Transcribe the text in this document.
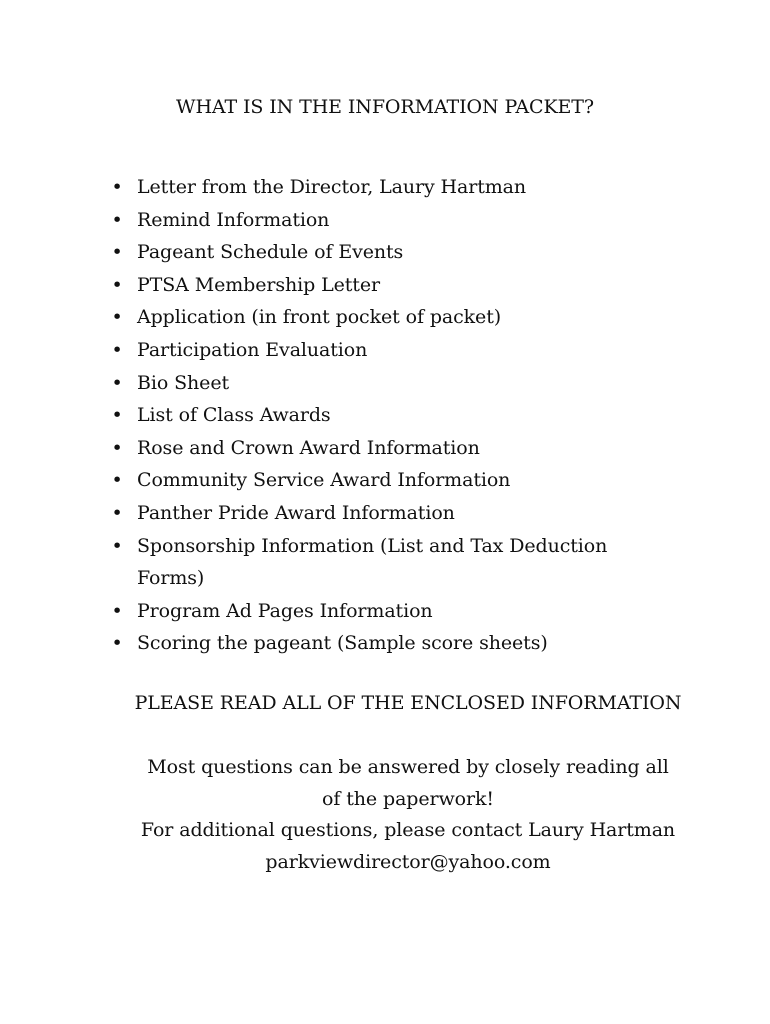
WHAT IS IN THE INFORMATION PACKET?
• Letter from the Director, Laury Hartman
• Remind Information
• Pageant Schedule of Events
• PTSA Membership Letter
• Application (in front pocket of packet)
• Participation Evaluation
• Bio Sheet
• List of Class Awards
• Rose and Crown Award Information
• Community Service Award Information
• Panther Pride Award Information
• Sponsorship Information (List and Tax Deduction Forms)
• Program Ad Pages Information
• Scoring the pageant (Sample score sheets)
PLEASE READ ALL OF THE ENCLOSED INFORMATION
Most questions can be answered by closely reading all
of the paperwork!
For additional questions, please contact Laury Hartman
parkviewdirector@yahoo.com
